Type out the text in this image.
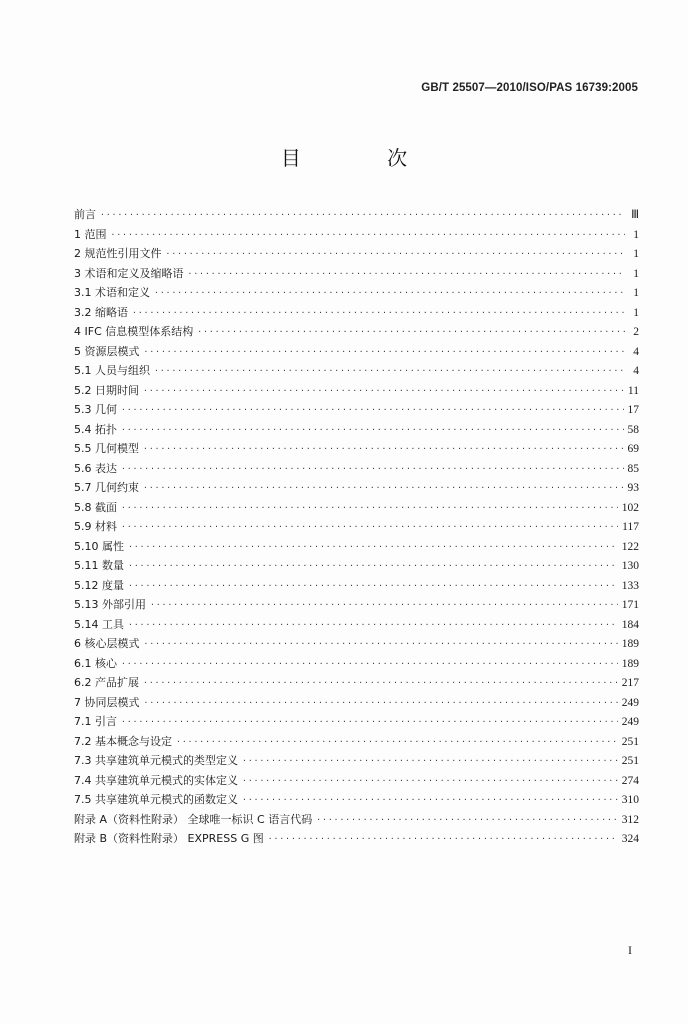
GB/T 25507—2010/ISO/PAS 16739:2005
目 次
前言 ·····	Ⅲ
1 范围 ·····	1
2 规范性引用文件 ·····	1
3 术语和定义及缩略语 ·····	1
3.1 术语和定义 ·····	1
3.2 缩略语 ·····	1
4 IFC 信息模型体系结构 ·····	2
5 资源层模式 ·····	4
5.1 人员与组织 ·····	4
5.2 日期时间 ·····	11
5.3 几何 ·····	17
5.4 拓扑 ·····	58
5.5 几何模型 ·····	69
5.6 表达 ·····	85
5.7 几何约束 ·····	93
5.8 截面 ·····	102
5.9 材料 ·····	117
5.10 属性 ·····	122
5.11 数量 ·····	130
5.12 度量 ·····	133
5.13 外部引用 ·····	171
5.14 工具 ·····	184
6 核心层模式 ·····	189
6.1 核心 ·····	189
6.2 产品扩展 ·····	217
7 协同层模式 ·····	249
7.1 引言 ·····	249
7.2 基本概念与设定 ·····	251
7.3 共享建筑单元模式的类型定义 ·····	251
7.4 共享建筑单元模式的实体定义 ·····	274
7.5 共享建筑单元模式的函数定义 ·····	310
附录 A（资料性附录） 全球唯一标识 C 语言代码 ·····	312
附录 B（资料性附录） EXPRESS G 图 ·····	324
I
